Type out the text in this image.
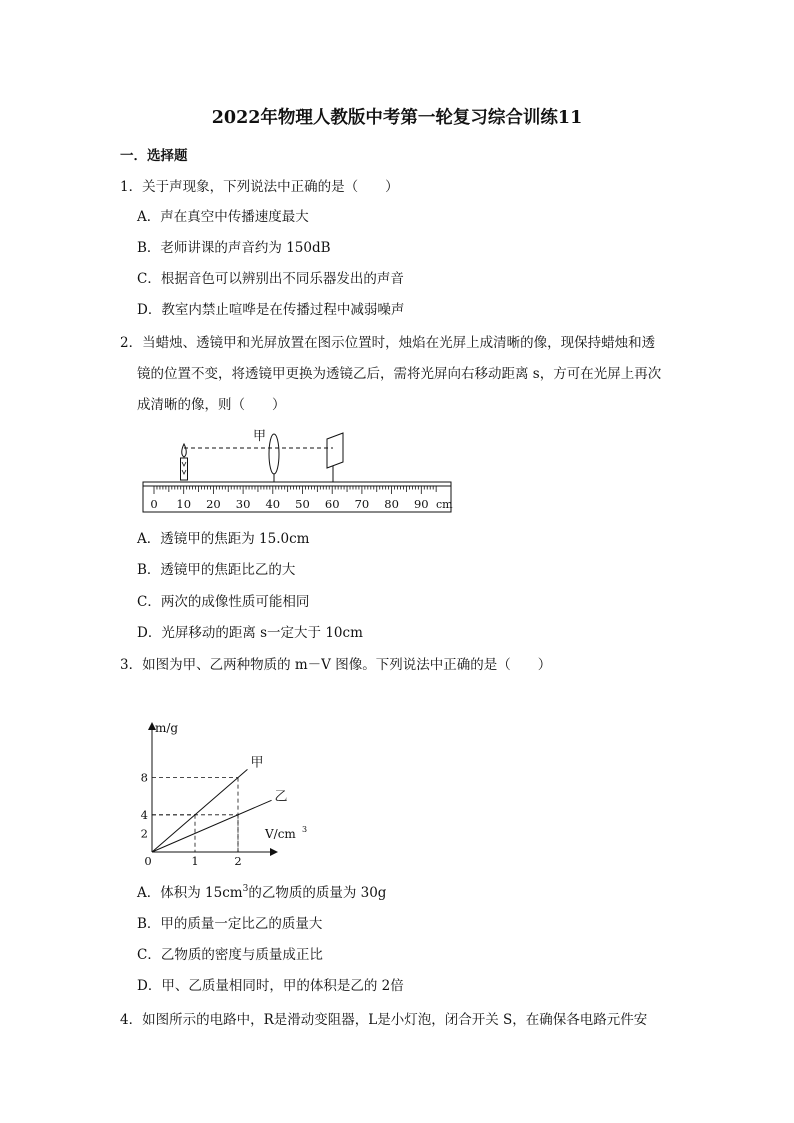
2022年物理人教版中考第一轮复习综合训练11
一．选择题
1．关于声现象，下列说法中正确的是（　　）
A．声在真空中传播速度最大
B．老师讲课的声音约为 150dB
C．根据音色可以辨别出不同乐器发出的声音
D．教室内禁止喧哗是在传播过程中减弱噪声
2．当蜡烛、透镜甲和光屏放置在图示位置时，烛焰在光屏上成清晰的像，现保持蜡烛和透
镜的位置不变，将透镜甲更换为透镜乙后，需将光屏向右移动距离 s，方可在光屏上再次
成清晰的像，则（　　）
0 10 20 30 40 50 60 70 80 90
甲
cm
A．透镜甲的焦距为 15.0cm
B．透镜甲的焦距比乙的大
C．两次的成像性质可能相同
D．光屏移动的距离 s一定大于 10cm
3．如图为甲、乙两种物质的 m－V 图像。下列说法中正确的是（　　）
0	1	2
2
4
8
甲
乙
m/g
V/cm 3
A．体积为 $15cm^3$的乙物质的质量为 30g
B．甲的质量一定比乙的质量大
C．乙物质的密度与质量成正比
D．甲、乙质量相同时，甲的体积是乙的 2倍
4．如图所示的电路中，R是滑动变阻器，L是小灯泡，闭合开关 S，在确保各电路元件安
